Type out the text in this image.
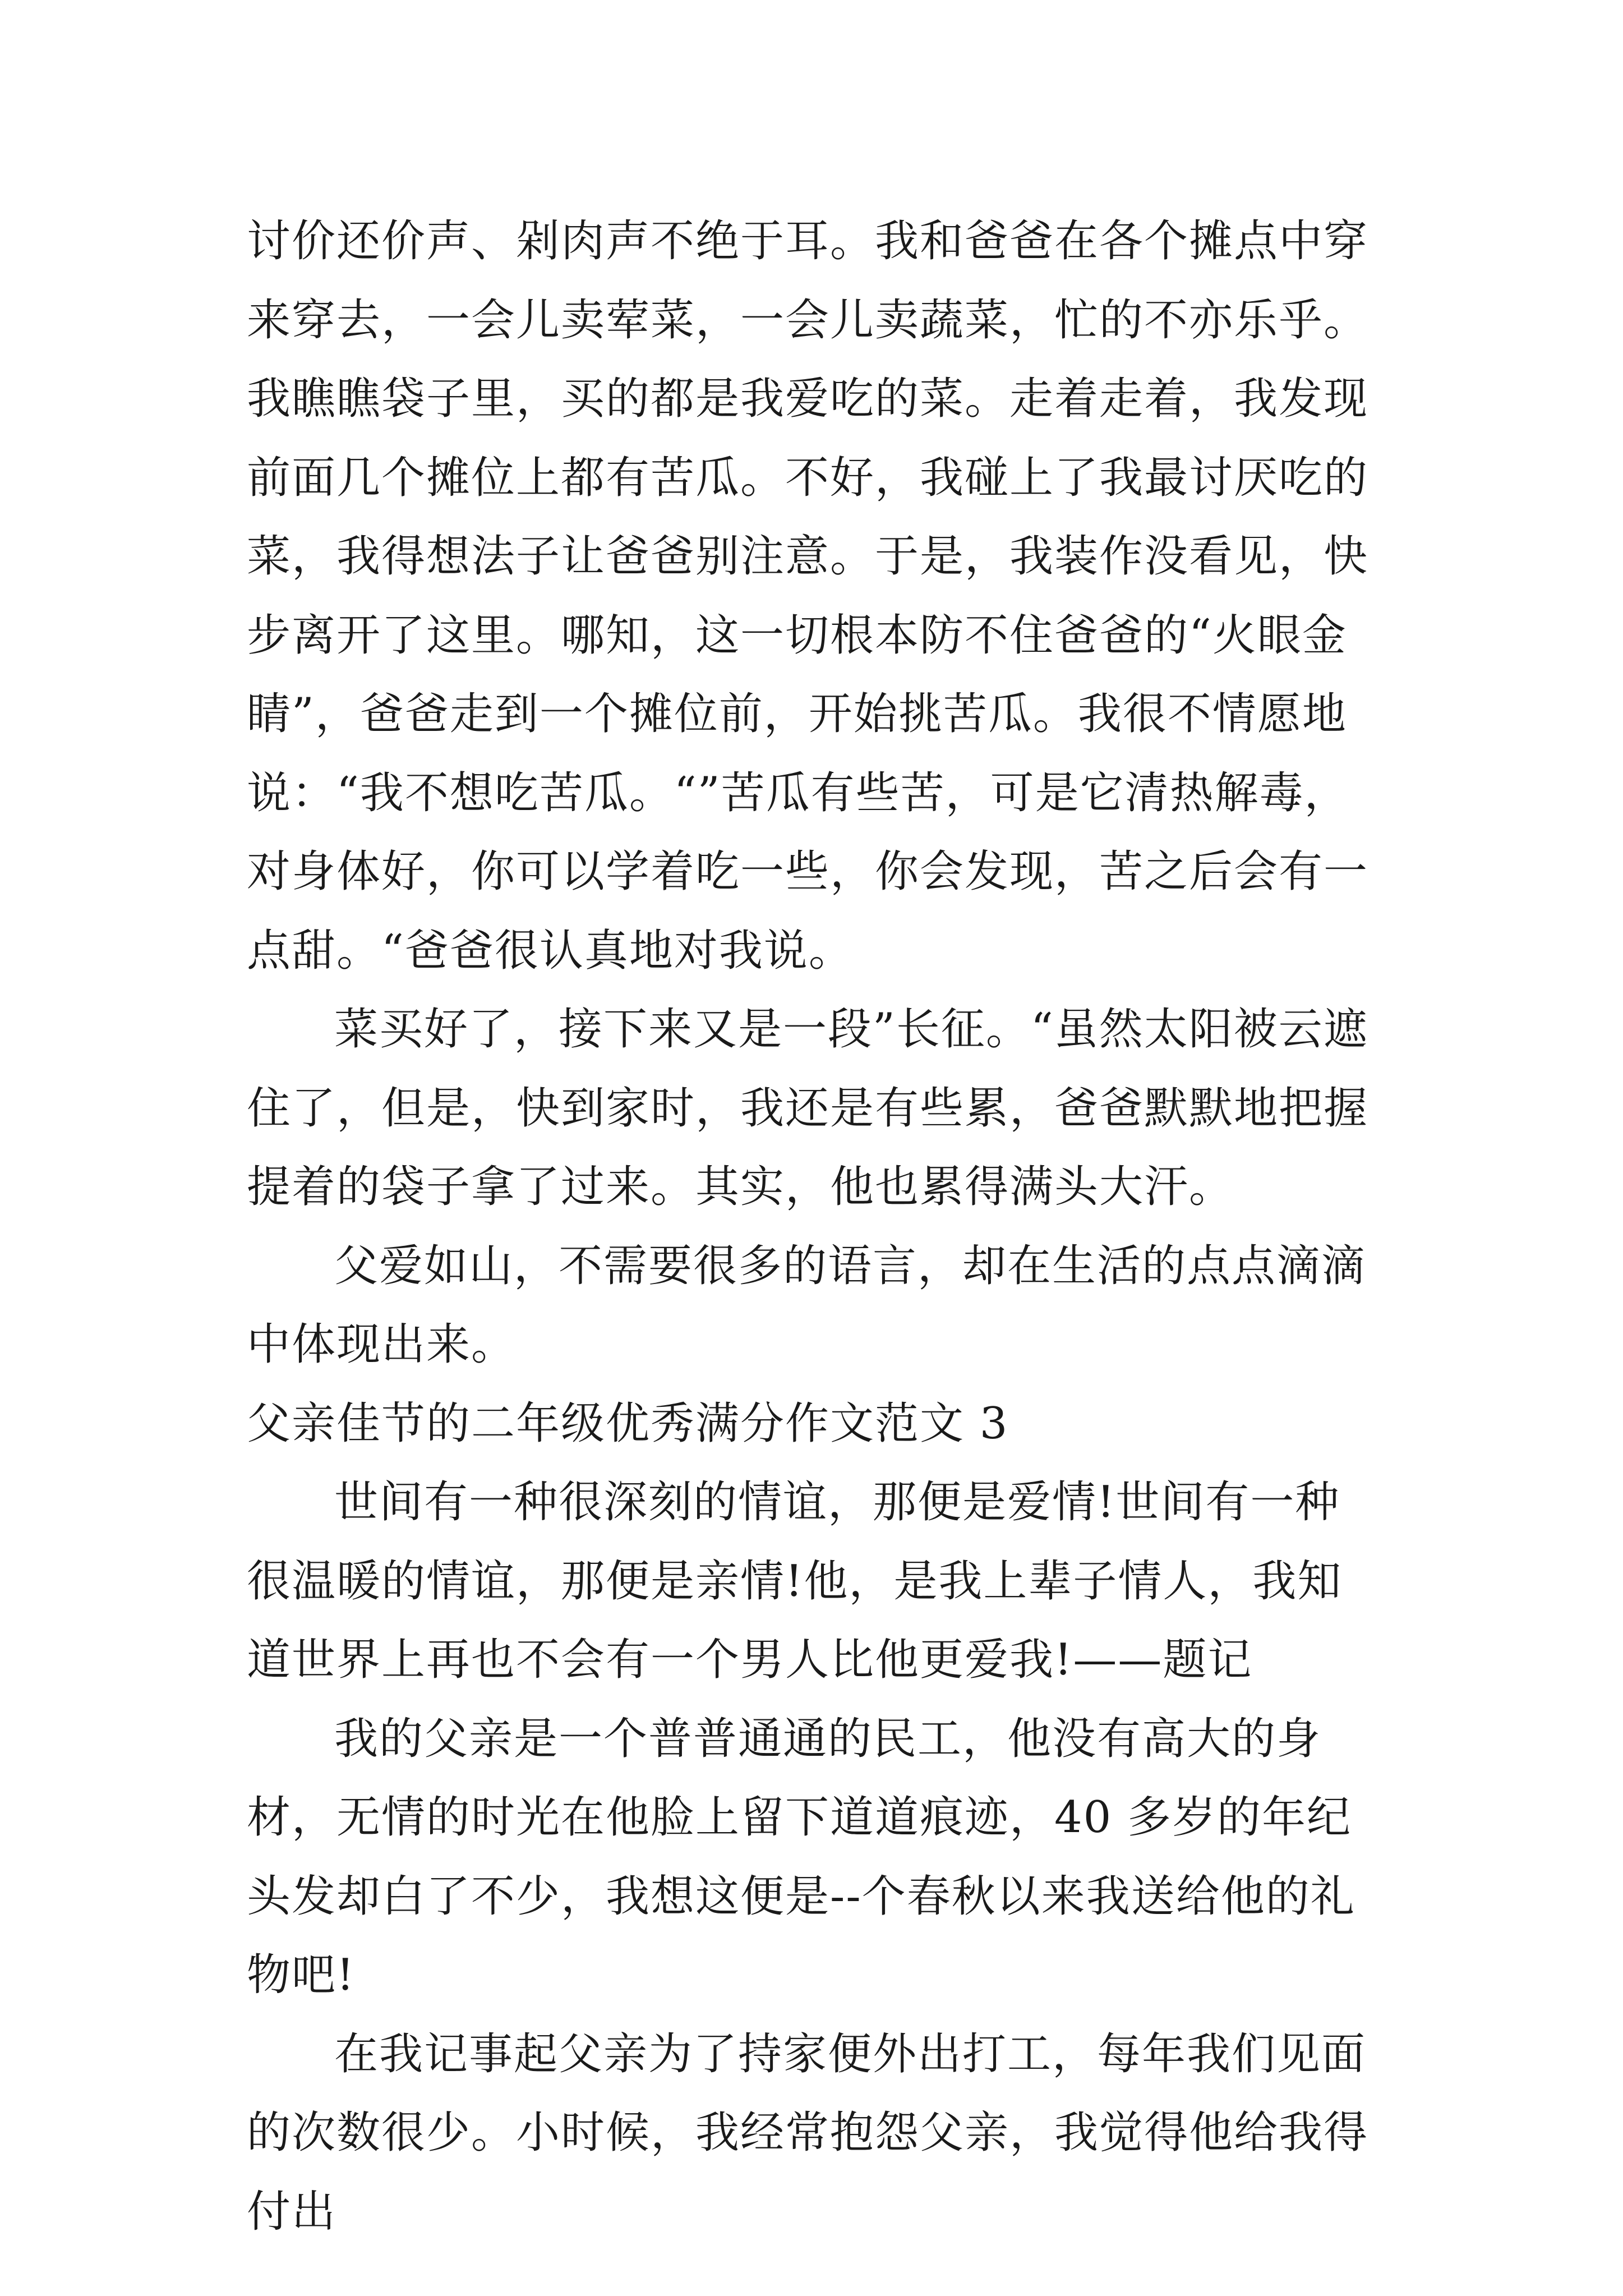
讨价还价声、剁肉声不绝于耳。我和爸爸在各个摊点中穿来穿去，一会儿卖荤菜，一会儿卖蔬菜，忙的不亦乐乎。我瞧瞧袋子里，买的都是我爱吃的菜。走着走着，我发现前面几个摊位上都有苦瓜。不好，我碰上了我最讨厌吃的菜，我得想法子让爸爸别注意。于是，我装作没看见，快步离开了这里。哪知，这一切根本防不住爸爸的“火眼金睛”，爸爸走到一个摊位前，开始挑苦瓜。我很不情愿地说：“我不想吃苦瓜。“”苦瓜有些苦，可是它清热解毒，对身体好，你可以学着吃一些，你会发现，苦之后会有一点甜。“爸爸很认真地对我说。

菜买好了，接下来又是一段”长征。“虽然太阳被云遮住了，但是，快到家时，我还是有些累，爸爸默默地把握提着的袋子拿了过来。其实，他也累得满头大汗。

父爱如山，不需要很多的语言，却在生活的点点滴滴中体现出来。

父亲佳节的二年级优秀满分作文范文 3

世间有一种很深刻的情谊，那便是爱情!世间有一种很温暖的情谊，那便是亲情!他，是我上辈子情人，我知道世界上再也不会有一个男人比他更爱我!——题记

我的父亲是一个普普通通的民工，他没有高大的身材，无情的时光在他脸上留下道道痕迹，40 多岁的年纪头发却白了不少，我想这便是--个春秋以来我送给他的礼物吧!

在我记事起父亲为了持家便外出打工，每年我们见面的次数很少。小时候，我经常抱怨父亲，我觉得他给我得付出
